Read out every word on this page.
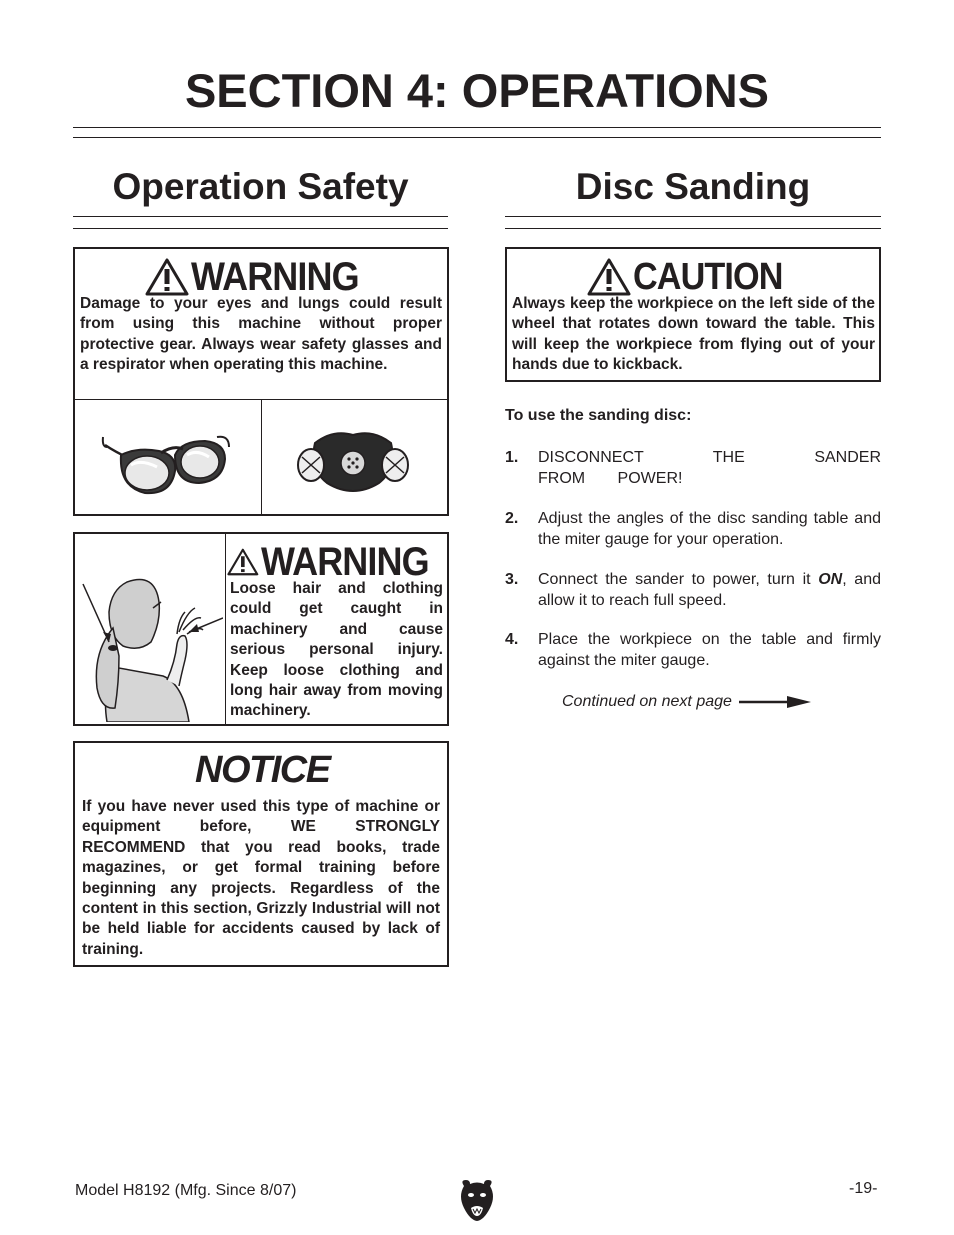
SECTION 4: OPERATIONS
Operation Safety	Disc Sanding
WARNING
Damage to your eyes and lungs could result from using this machine without proper protective gear. Always wear safety glasses and a respirator when operating this machine.
WARNING
Loose hair and clothing could get caught in machinery and cause serious personal injury. Keep loose clothing and long hair away from moving machinery.
NOTICE
If you have never used this type of machine or equipment before, WE STRONGLY RECOMMEND that you read books, trade magazines, or get formal training before beginning any projects. Regardless of the content in this section, Grizzly Industrial will not be held liable for accidents caused by lack of training.
CAUTION
Always keep the workpiece on the left side of the wheel that rotates down toward the table. This will keep the workpiece from flying out of your hands due to kickback.
To use the sanding disc:
1. DISCONNECT THE SANDER FROM POWER!
2. Adjust the angles of the disc sanding table and the miter gauge for your operation.
3. Connect the sander to power, turn it ON, and allow it to reach full speed.
4. Place the workpiece on the table and firmly against the miter gauge.
Continued on next page
Model H8192 (Mfg. Since 8/07)	-19-
